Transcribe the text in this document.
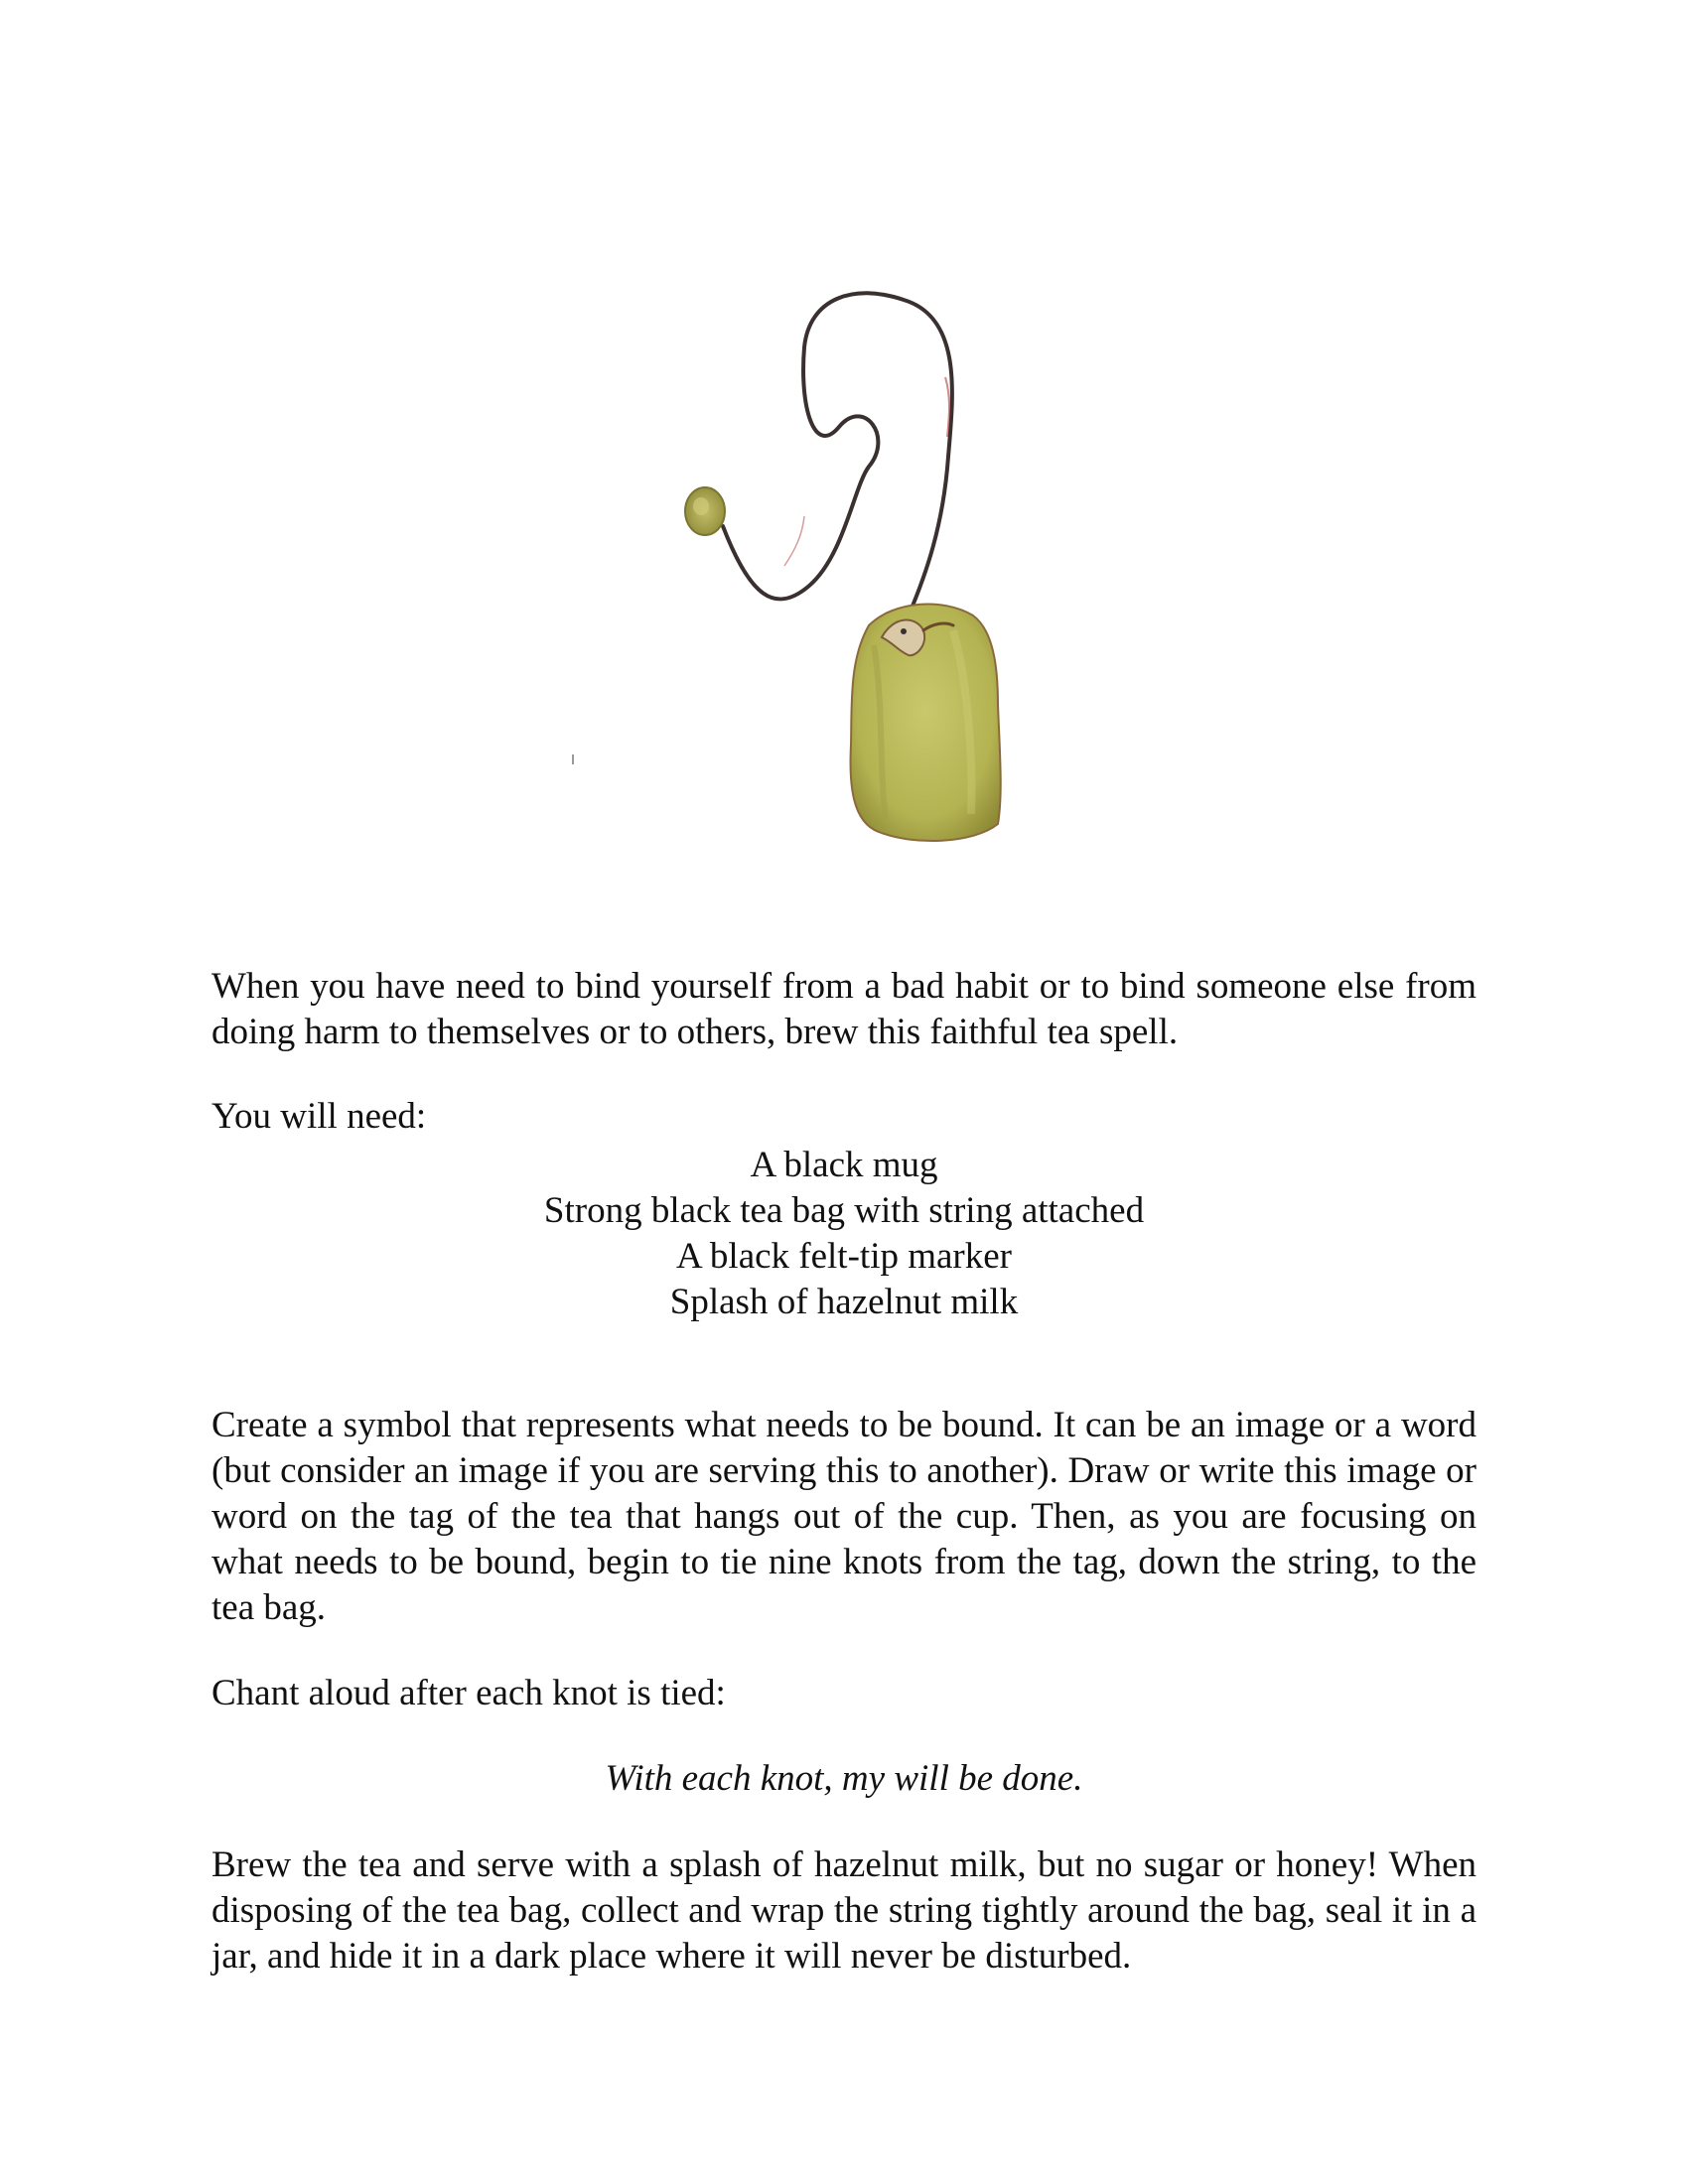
When you have need to bind yourself from a bad habit or to bind someone else from doing harm to themselves or to others, brew this faithful tea spell.

You will need:

A black mug
Strong black tea bag with string attached
A black felt-tip marker
Splash of hazelnut milk

Create a symbol that represents what needs to be bound. It can be an image or a word (but consider an image if you are serving this to another). Draw or write this image or word on the tag of the tea that hangs out of the cup. Then, as you are focusing on what needs to be bound, begin to tie nine knots from the tag, down the string, to the tea bag.

Chant aloud after each knot is tied:

With each knot, my will be done.

Brew the tea and serve with a splash of hazelnut milk, but no sugar or honey! When disposing of the tea bag, collect and wrap the string tightly around the bag, seal it in a jar, and hide it in a dark place where it will never be disturbed.
